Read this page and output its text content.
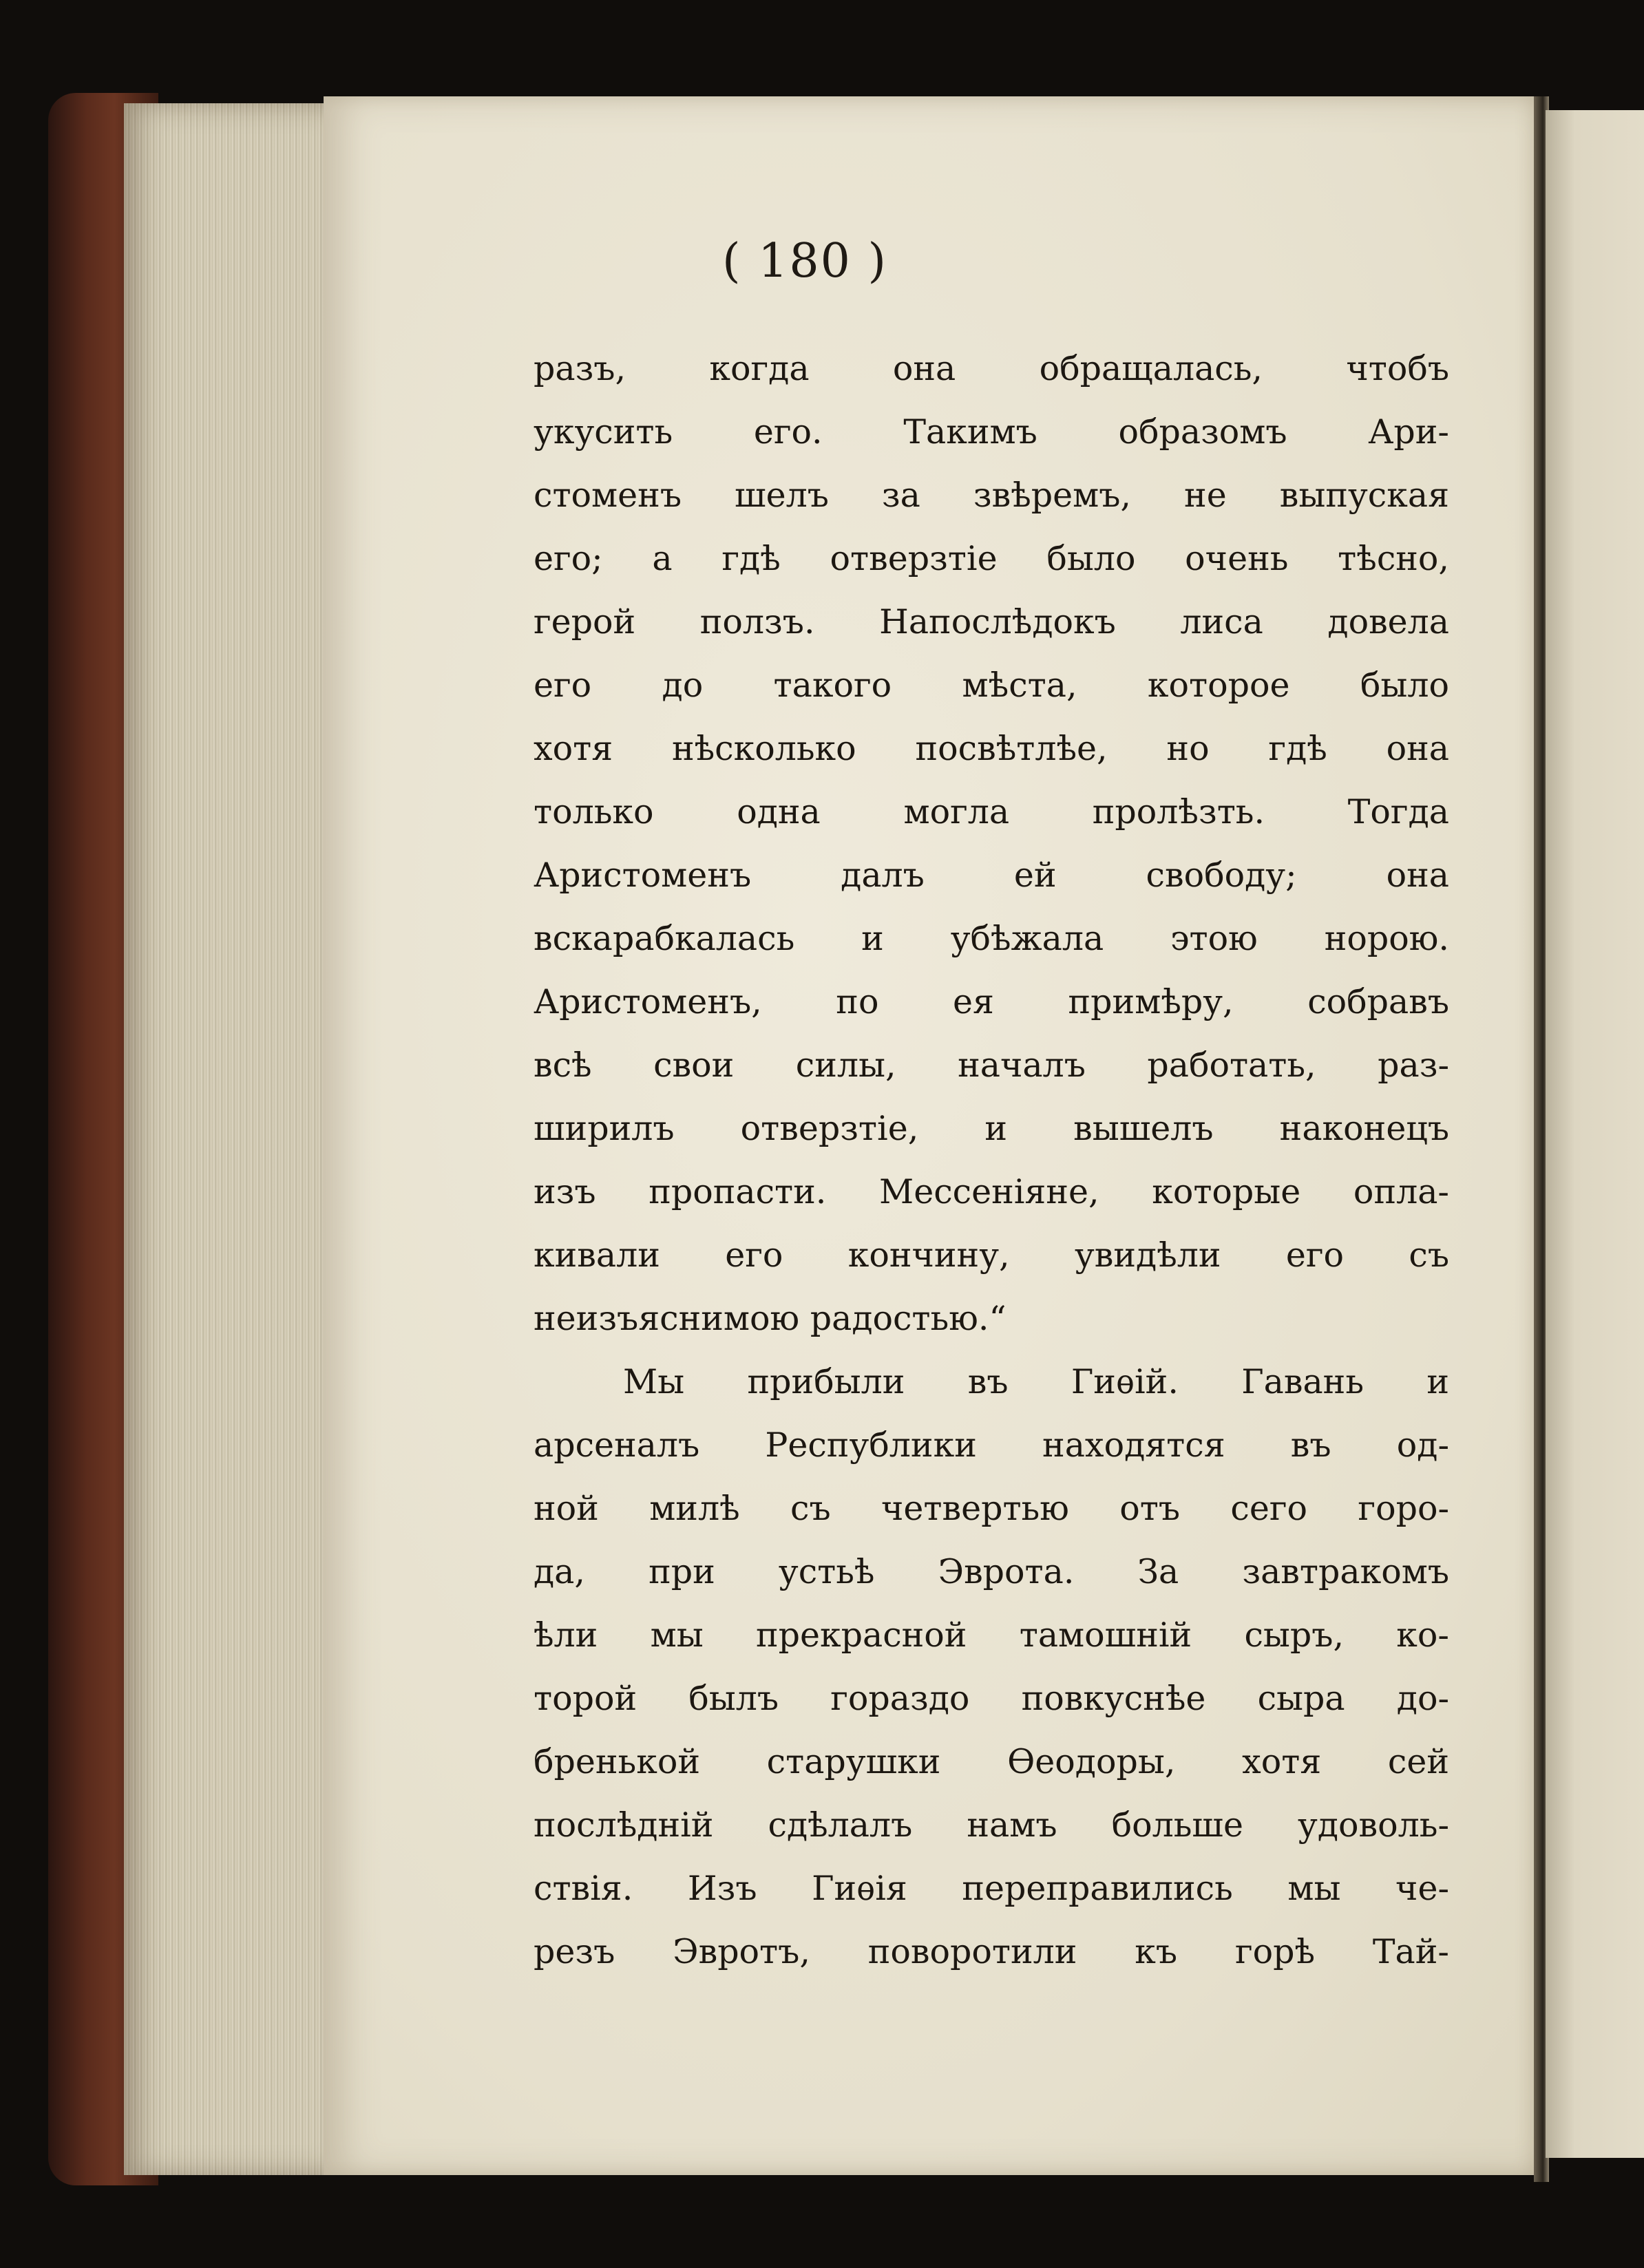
( 180 )

разъ, когда она обращалась, чтобъ
укусить его. Такимъ образомъ Ари-
стоменъ шелъ за звѣремъ, не выпуская
его; а гдѣ отверзтіе было очень тѣсно,
герой ползъ. Напослѣдокъ лиса довела
его до такого мѣста, которое было
хотя нѣсколько посвѣтлѣе, но гдѣ она
только одна могла пролѣзть. Тогда
Аристоменъ далъ ей свободу; она
вскарабкалась и убѣжала этою норою.
Аристоменъ, по ея примѣру, собравъ
всѣ свои силы, началъ работать, раз-
ширилъ отверзтіе, и вышелъ наконецъ
изъ пропасти. Мессеніяне, которые опла-
кивали его кончину, увидѣли его съ
неизъяснимою радостью.“
Мы прибыли въ Гиѳій. Гавань и
арсеналъ Республики находятся въ од-
ной милѣ съ четвертью отъ сего горо-
да, при устьѣ Эврота. За завтракомъ
ѣли мы прекрасной тамошній сыръ, ко-
торой былъ гораздо повкуснѣе сыра до-
бренькой старушки Ѳеодоры, хотя сей
послѣдній сдѣлалъ намъ больше удоволь-
ствія. Изъ Гиѳія переправились мы че-
резъ Эвротъ, поворотили къ горѣ Тай-
